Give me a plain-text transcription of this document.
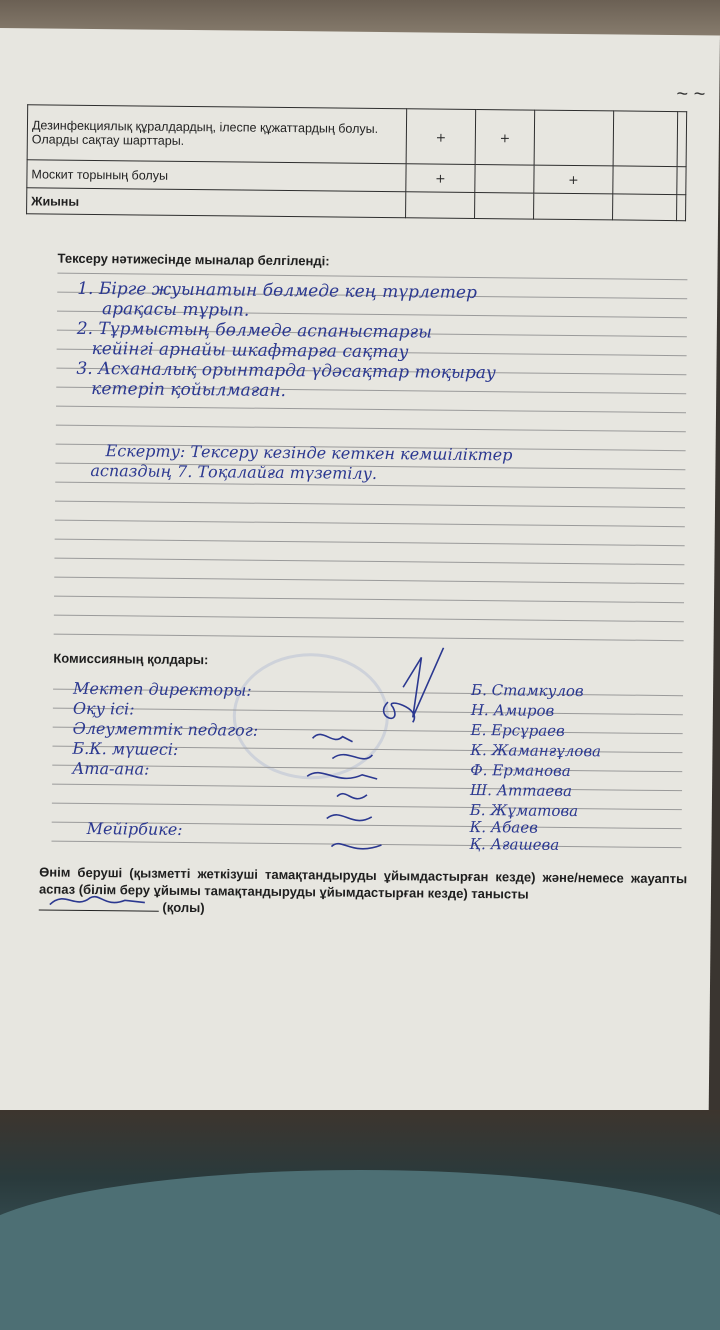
~ ~
Дезинфекциялық құралдардың, ілеспе құжаттардың болуы. Оларды сақтау шарттары.	+	+			
Москит торының болуы	+		+		
Жиыны					
Тексеру нәтижесінде мыналар белгіленді:
1. Бірге жуынатын бөлмеде кең түрлетер
арақасы тұрып.
2. Тұрмыстың бөлмеде аспаныстарғы
кейінгі арнайы шкафтарға сақтау
3. Асханалық орынтарда үдәсақтар тоқырау
кетеріп қойылмаған.
Ескерту: Тексеру кезінде кеткен кемшіліктер
аспаздың 7. Тоқалайға түзетілу.
Комиссияның қолдары:
Мектеп директоры:
Оқу ісі:
Әлеуметтік педагог:
Б.К. мүшесі:
Ата-ана:
Мейірбике:
Б. Стамкулов
Н. Амиров
Е. Ерсұраев
К. Жаманғұлова
Ф. Ерманова
Ш. Аттаева
Б. Жұматова
К. Абаев
Қ. Ағашева
Өнім беруші (қызметті жеткізуші тамақтандыруды ұйымдастырған кезде) және/немесе жауапты аспаз (білім беру ұйымы тамақтандыруды ұйымдастырған кезде) танысты

(қолы)
